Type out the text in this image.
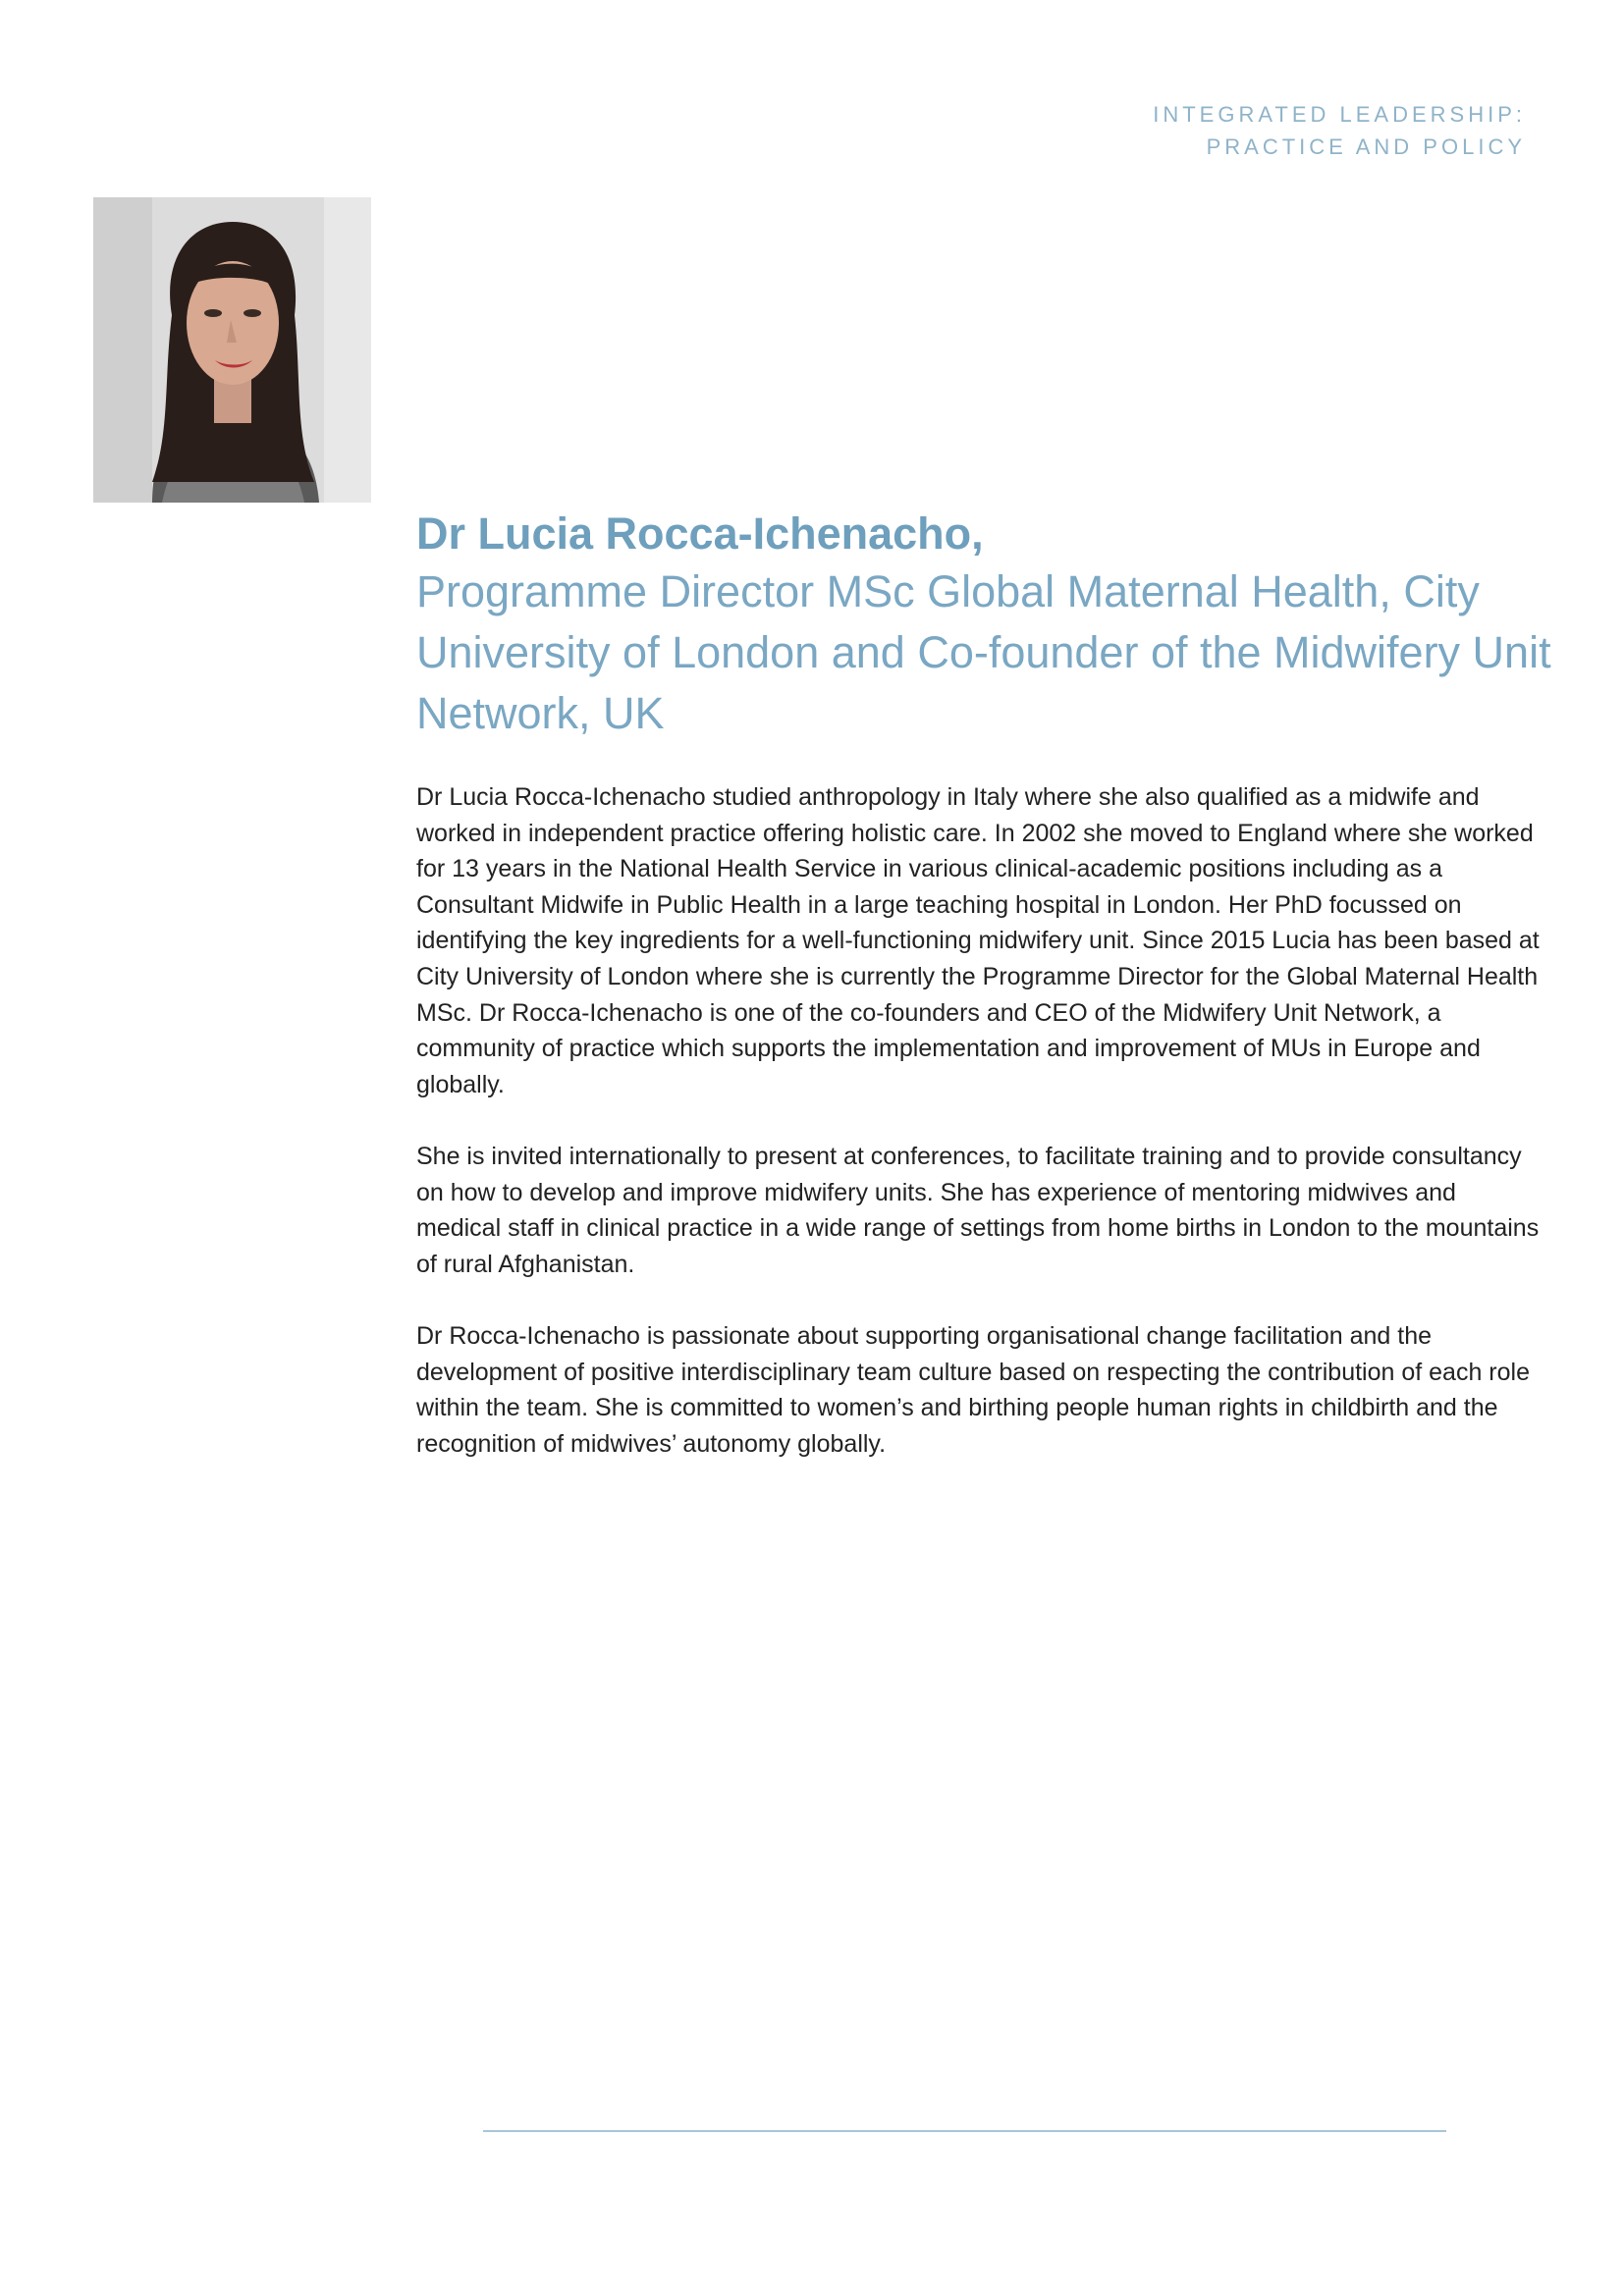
INTEGRATED LEADERSHIP:
PRACTICE AND POLICY
Dr Lucia Rocca-Ichenacho,
Programme Director MSc Global Maternal Health, City University of London and Co-founder of the Midwifery Unit Network, UK

Dr Lucia Rocca-Ichenacho studied anthropology in Italy where she also qualified as a midwife and worked in independent practice offering holistic care. In 2002 she moved to England where she worked for 13 years in the National Health Service in various clinical-academic positions including as a Consultant Midwife in Public Health in a large teaching hospital in London. Her PhD focussed on identifying the key ingredients for a well-functioning midwifery unit. Since 2015 Lucia has been based at City University of London where she is currently the Programme Director for the Global Maternal Health MSc. Dr Rocca-Ichenacho is one of the co-founders and CEO of the Midwifery Unit Network, a community of practice which supports the implementation and improvement of MUs in Europe and globally.

She is invited internationally to present at conferences, to facilitate training and to provide consultancy on how to develop and improve midwifery units. She has experience of mentoring midwives and medical staff in clinical practice in a wide range of settings from home births in London to the mountains of rural Afghanistan.

Dr Rocca-Ichenacho is passionate about supporting organisational change facilitation and the development of positive interdisciplinary team culture based on respecting the contribution of each role within the team. She is committed to women’s and birthing people human rights in childbirth and the recognition of midwives’ autonomy globally.
